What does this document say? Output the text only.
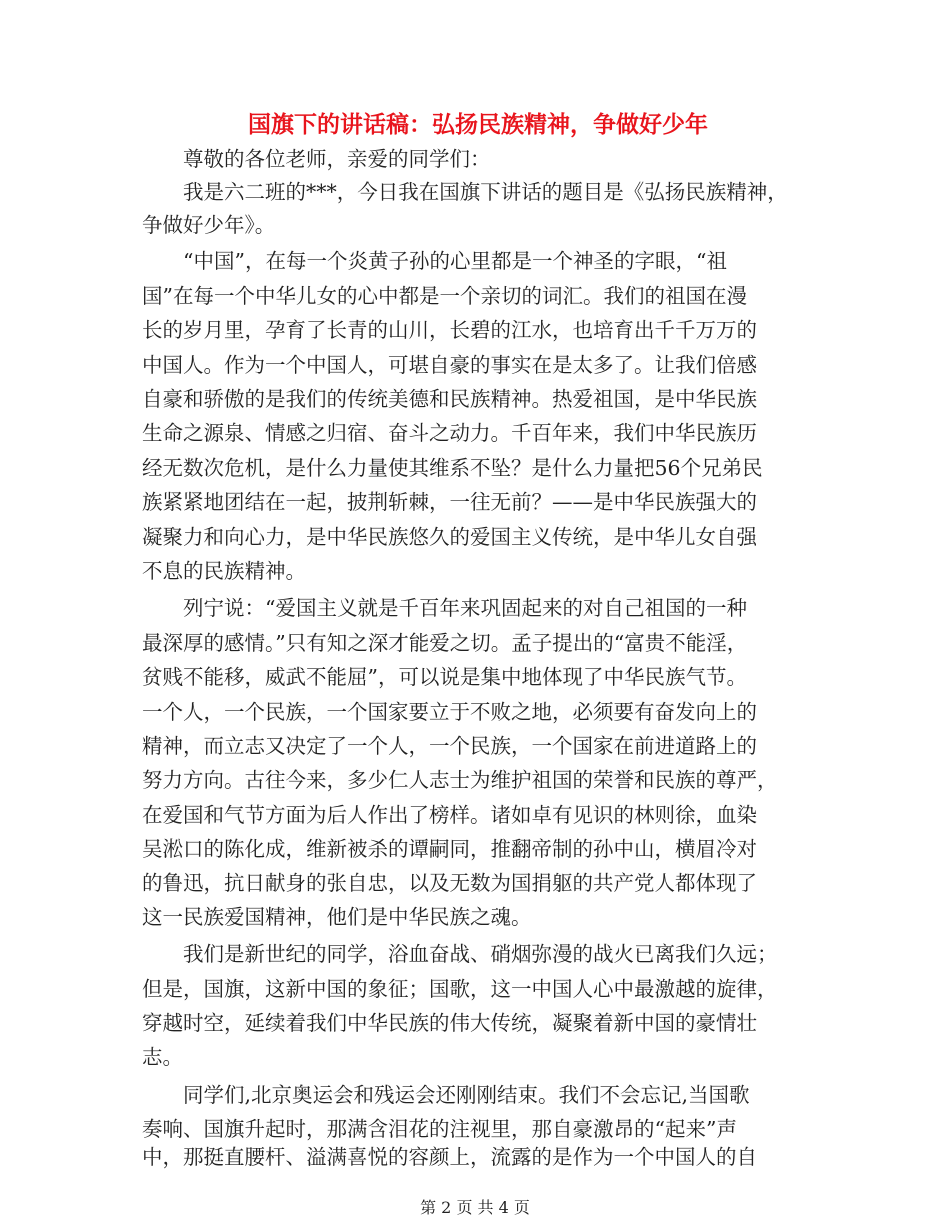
国旗下的讲话稿：弘扬民族精神，争做好少年
　　尊敬的各位老师，亲爱的同学们：
　　我是六二班的***，今日我在国旗下讲话的题目是《弘扬民族精神，
争做好少年》。
　　“中国”，在每一个炎黄子孙的心里都是一个神圣的字眼，“祖
国”在每一个中华儿女的心中都是一个亲切的词汇。我们的祖国在漫
长的岁月里，孕育了长青的山川，长碧的江水，也培育出千千万万的
中国人。作为一个中国人，可堪自豪的事实在是太多了。让我们倍感
自豪和骄傲的是我们的传统美德和民族精神。热爱祖国，是中华民族
生命之源泉、情感之归宿、奋斗之动力。千百年来，我们中华民族历
经无数次危机，是什么力量使其维系不坠？是什么力量把56个兄弟民
族紧紧地团结在一起，披荆斩棘，一往无前？——是中华民族强大的
凝聚力和向心力，是中华民族悠久的爱国主义传统，是中华儿女自强
不息的民族精神。
　　列宁说：“爱国主义就是千百年来巩固起来的对自己祖国的一种
最深厚的感情。”只有知之深才能爱之切。孟子提出的“富贵不能淫，
贫贱不能移，威武不能屈”，可以说是集中地体现了中华民族气节。
一个人，一个民族，一个国家要立于不败之地，必须要有奋发向上的
精神，而立志又决定了一个人，一个民族，一个国家在前进道路上的
努力方向。古往今来，多少仁人志士为维护祖国的荣誉和民族的尊严，
在爱国和气节方面为后人作出了榜样。诸如卓有见识的林则徐，血染
吴淞口的陈化成，维新被杀的谭嗣同，推翻帝制的孙中山，横眉冷对
的鲁迅，抗日献身的张自忠，以及无数为国捐躯的共产党人都体现了
这一民族爱国精神，他们是中华民族之魂。
　　我们是新世纪的同学，浴血奋战、硝烟弥漫的战火已离我们久远；
但是，国旗，这新中国的象征；国歌，这一中国人心中最激越的旋律，
穿越时空，延续着我们中华民族的伟大传统，凝聚着新中国的豪情壮
志。
　　同学们,北京奥运会和残运会还刚刚结束。我们不会忘记,当国歌
奏响、国旗升起时，那满含泪花的注视里，那自豪激昂的“起来”声
中，那挺直腰杆、溢满喜悦的容颜上，流露的是作为一个中国人的自
第 2 页 共 4 页
